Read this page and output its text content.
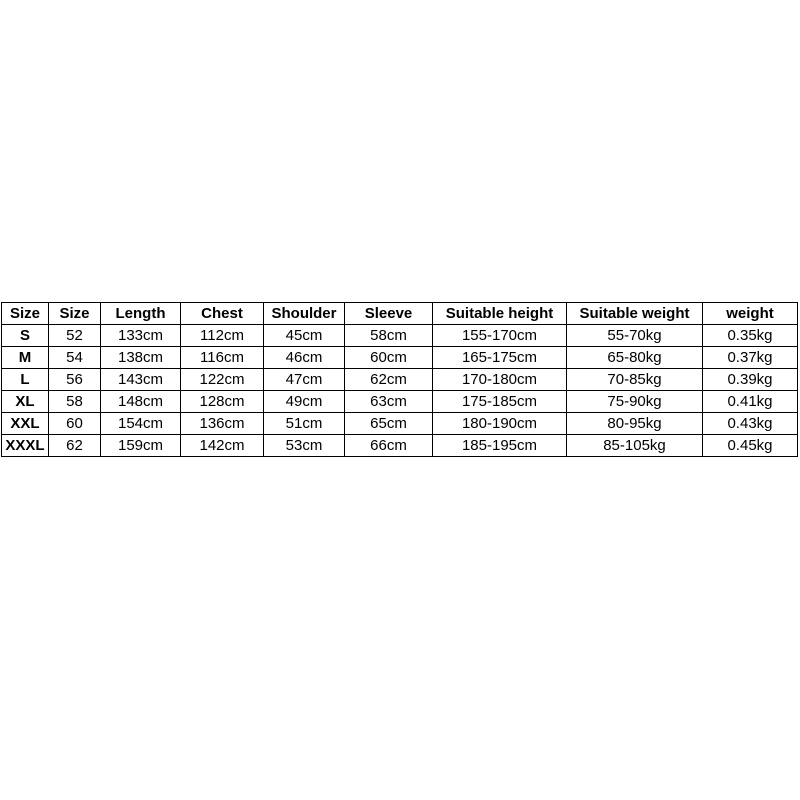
Size	Size	Length	Chest	Shoulder	Sleeve	Suitable height	Suitable weight	weight
S	52	133cm	112cm	45cm	58cm	155-170cm	55-70kg	0.35kg
M	54	138cm	116cm	46cm	60cm	165-175cm	65-80kg	0.37kg
L	56	143cm	122cm	47cm	62cm	170-180cm	70-85kg	0.39kg
XL	58	148cm	128cm	49cm	63cm	175-185cm	75-90kg	0.41kg
XXL	60	154cm	136cm	51cm	65cm	180-190cm	80-95kg	0.43kg
XXXL	62	159cm	142cm	53cm	66cm	185-195cm	85-105kg	0.45kg
